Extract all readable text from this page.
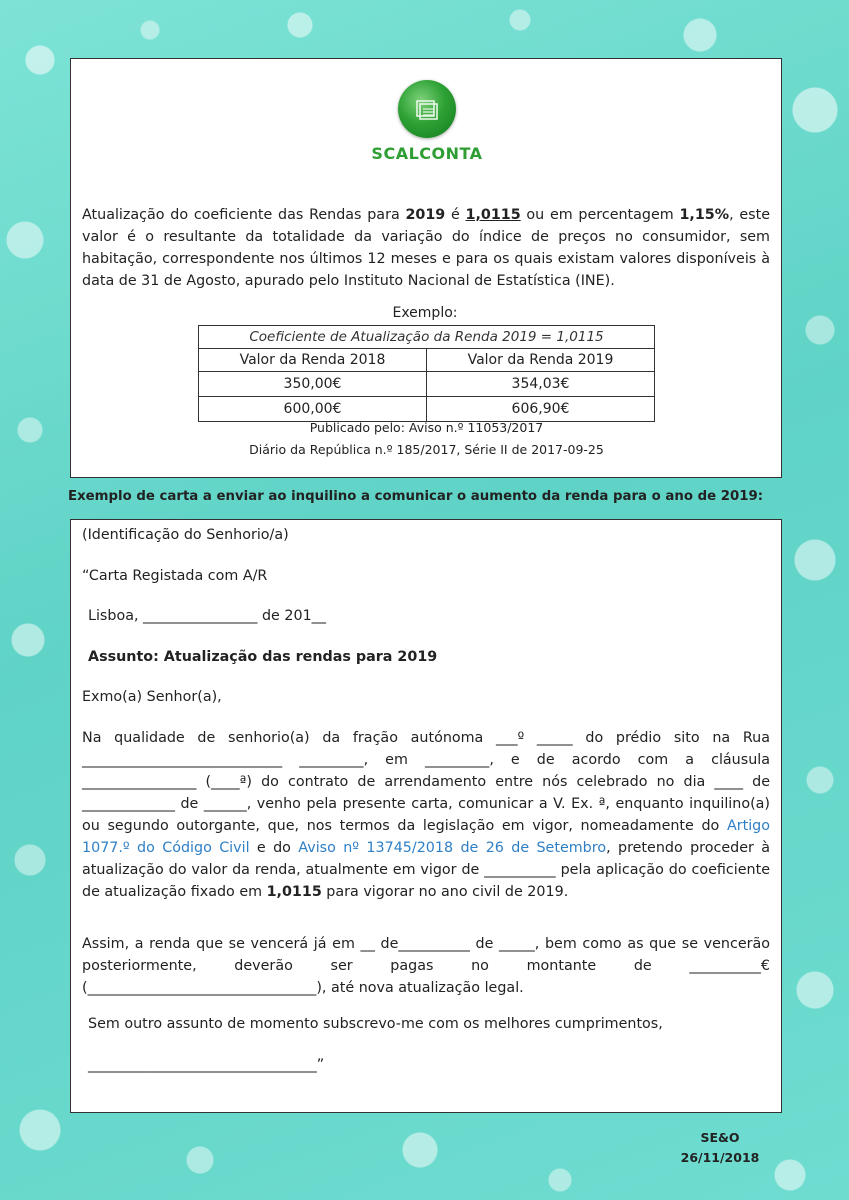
SCALCONTA
Atualização do coeficiente das Rendas para 2019 é 1,0115 ou em percentagem 1,15%, este valor é o resultante da totalidade da variação do índice de preços no consumidor, sem habitação, correspondente nos últimos 12 meses e para os quais existam valores disponíveis à data de 31 de Agosto, apurado pelo Instituto Nacional de Estatística (INE).
Exemplo:
Coeficiente de Atualização da Renda 2019 = 1,0115	
Valor da Renda 2018	Valor da Renda 2019
350,00€	354,03€
600,00€	606,90€
Publicado pelo: Aviso n.º 11053/2017
Diário da República n.º 185/2017, Série II de 2017-09-25
Exemplo de carta a enviar ao inquilino a comunicar o aumento da renda para o ano de 2019:
(Identificação do Senhorio/a)
“Carta Registada com A/R
Lisboa, ________________ de 201__
Assunto: Atualização das rendas para 2019
Exmo(a) Senhor(a),
Na qualidade de senhorio(a) da fração autónoma ___º _____ do prédio sito na Rua ____________________________ _________, em _________, e de acordo com a cláusula ________________ (____ª) do contrato de arrendamento entre nós celebrado no dia ____ de _____________ de ______, venho pela presente carta, comunicar a V. Ex. ª, enquanto inquilino(a) ou segundo outorgante, que, nos termos da legislação em vigor, nomeadamente do Artigo 1077.º do Código Civil e do Aviso nº 13745/2018 de 26 de Setembro, pretendo proceder à atualização do valor da renda, atualmente em vigor de __________ pela aplicação do coeficiente de atualização fixado em 1,0115 para vigorar no ano civil de 2019.
Assim, a renda que se vencerá já em __ de__________ de _____, bem como as que se vencerão posteriormente, deverão ser pagas no montante de __________€ (________________________________), até nova atualização legal.
Sem outro assunto de momento subscrevo-me com os melhores cumprimentos,
________________________________”
SE&O
26/11/2018
